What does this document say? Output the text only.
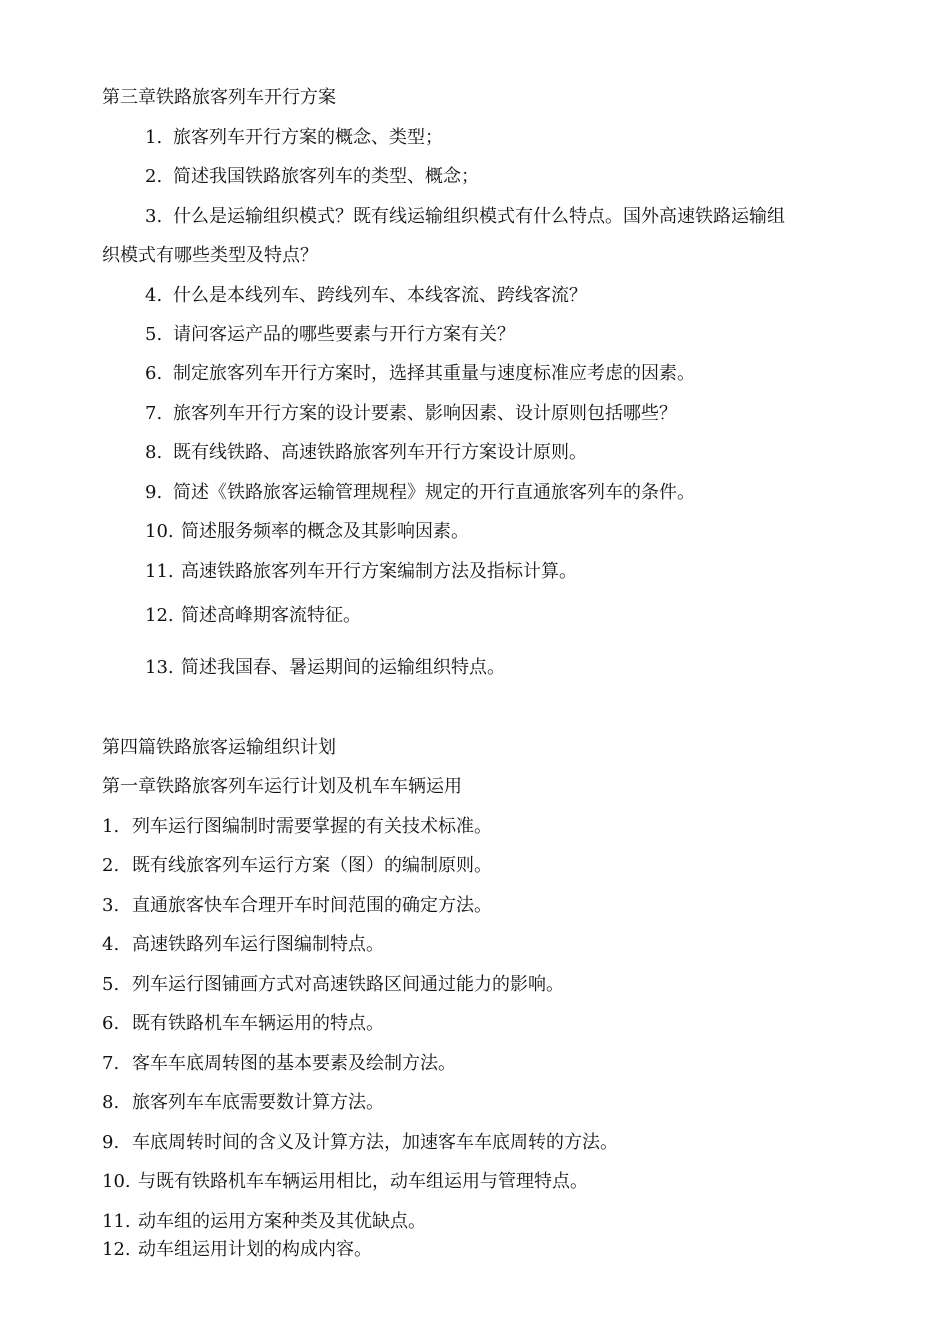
第三章铁路旅客列车开行方案
1. 旅客列车开行方案的概念、类型；
2. 简述我国铁路旅客列车的类型、概念；
3. 什么是运输组织模式？既有线运输组织模式有什么特点。国外高速铁路运输组
织模式有哪些类型及特点？
4. 什么是本线列车、跨线列车、本线客流、跨线客流？
5. 请问客运产品的哪些要素与开行方案有关？
6. 制定旅客列车开行方案时，选择其重量与速度标准应考虑的因素。
7. 旅客列车开行方案的设计要素、影响因素、设计原则包括哪些？
8. 既有线铁路、高速铁路旅客列车开行方案设计原则。
9. 简述《铁路旅客运输管理规程》规定的开行直通旅客列车的条件。
10. 简述服务频率的概念及其影响因素。
11. 高速铁路旅客列车开行方案编制方法及指标计算。
12. 简述高峰期客流特征。
13. 简述我国春、暑运期间的运输组织特点。
第四篇铁路旅客运输组织计划
第一章铁路旅客列车运行计划及机车车辆运用
1. 列车运行图编制时需要掌握的有关技术标准。
2. 既有线旅客列车运行方案（图）的编制原则。
3. 直通旅客快车合理开车时间范围的确定方法。
4. 高速铁路列车运行图编制特点。
5. 列车运行图铺画方式对高速铁路区间通过能力的影响。
6. 既有铁路机车车辆运用的特点。
7. 客车车底周转图的基本要素及绘制方法。
8. 旅客列车车底需要数计算方法。
9. 车底周转时间的含义及计算方法，加速客车车底周转的方法。
10. 与既有铁路机车车辆运用相比，动车组运用与管理特点。
11. 动车组的运用方案种类及其优缺点。
12. 动车组运用计划的构成内容。
